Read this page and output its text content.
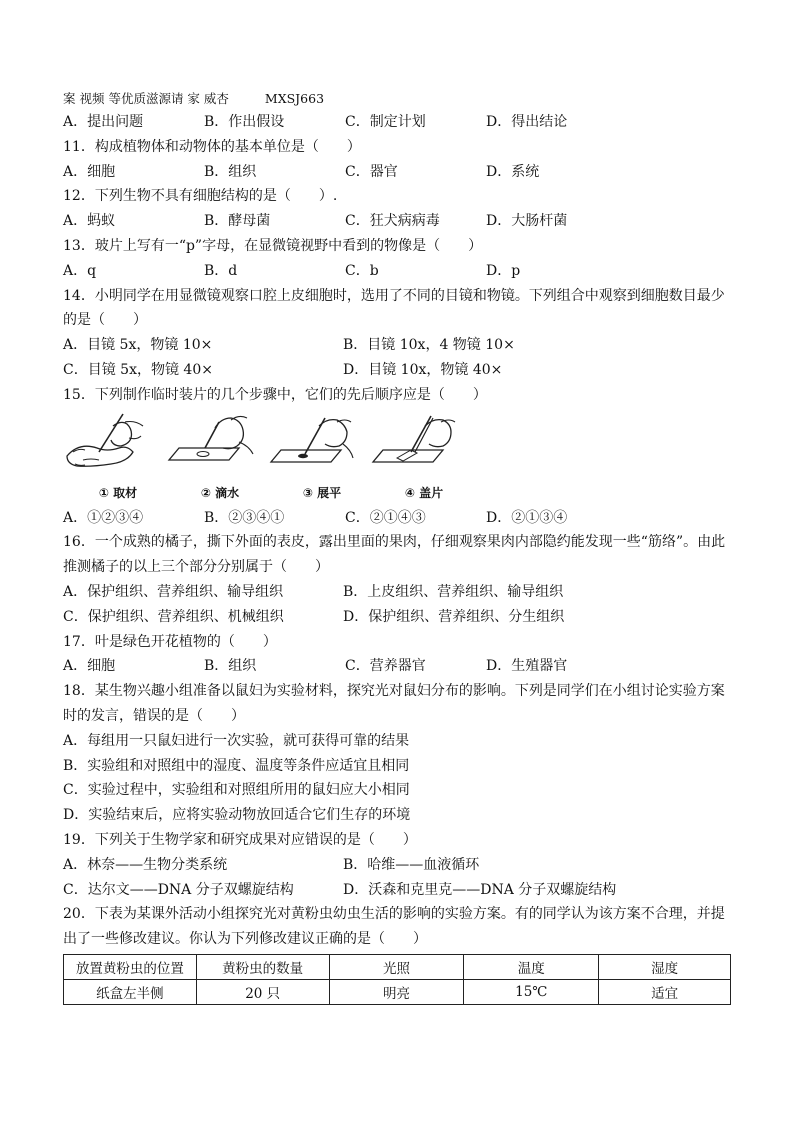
案 视频 等优质滋源请 家 威杏	MXSJ663
A．提出问题	B．作出假设	C．制定计划	D．得出结论
11．构成植物体和动物体的基本单位是（　　）
A．细胞	B．组织	C．器官	D．系统
12．下列生物不具有细胞结构的是（　　）.
A．蚂蚁	B．酵母菌	C．狂犬病病毒	D．大肠杆菌
13．玻片上写有一“p”字母，在显微镜视野中看到的物像是（　　）
A．q	B．d	C．b	D．p
14．小明同学在用显微镜观察口腔上皮细胞时，选用了不同的目镜和物镜。下列组合中观察到细胞数目最少
的是（　　）
A．目镜 5x，物镜 10×	B．目镜 10x，4 物镜 10×
C．目镜 5x，物镜 40×	D．目镜 10x，物镜 40×
15．下列制作临时装片的几个步骤中，它们的先后顺序应是（　　）
① 取材	② 滴水	③ 展平	④ 盖片
A．①②③④	B．②③④①	C．②①④③	D．②①③④
16．一个成熟的橘子，撕下外面的表皮，露出里面的果肉，仔细观察果肉内部隐约能发现一些“筋络”。由此
推测橘子的以上三个部分分别属于（　　）
A．保护组织、营养组织、输导组织	B．上皮组织、营养组织、输导组织
C．保护组织、营养组织、机械组织	D．保护组织、营养组织、分生组织
17．叶是绿色开花植物的（　　）
A．细胞	B．组织	C．营养器官	D．生殖器官
18．某生物兴趣小组准备以鼠妇为实验材料，探究光对鼠妇分布的影响。下列是同学们在小组讨论实验方案
时的发言，错误的是（　　）
A．每组用一只鼠妇进行一次实验，就可获得可靠的结果
B．实验组和对照组中的湿度、温度等条件应适宜且相同
C．实验过程中，实验组和对照组所用的鼠妇应大小相同
D．实验结束后，应将实验动物放回适合它们生存的环境
19．下列关于生物学家和研究成果对应错误的是（　　）
A．林奈——生物分类系统	B．哈维——血液循环
C．达尔文——DNA 分子双螺旋结构	D．沃森和克里克——DNA 分子双螺旋结构
20．下表为某课外活动小组探究光对黄粉虫幼虫生活的影响的实验方案。有的同学认为该方案不合理，并提
出了一些修改建议。你认为下列修改建议正确的是（　　）
放置黄粉虫的位置	黄粉虫的数量	光照	温度	湿度
纸盒左半侧	20 只	明亮	15℃	适宜
